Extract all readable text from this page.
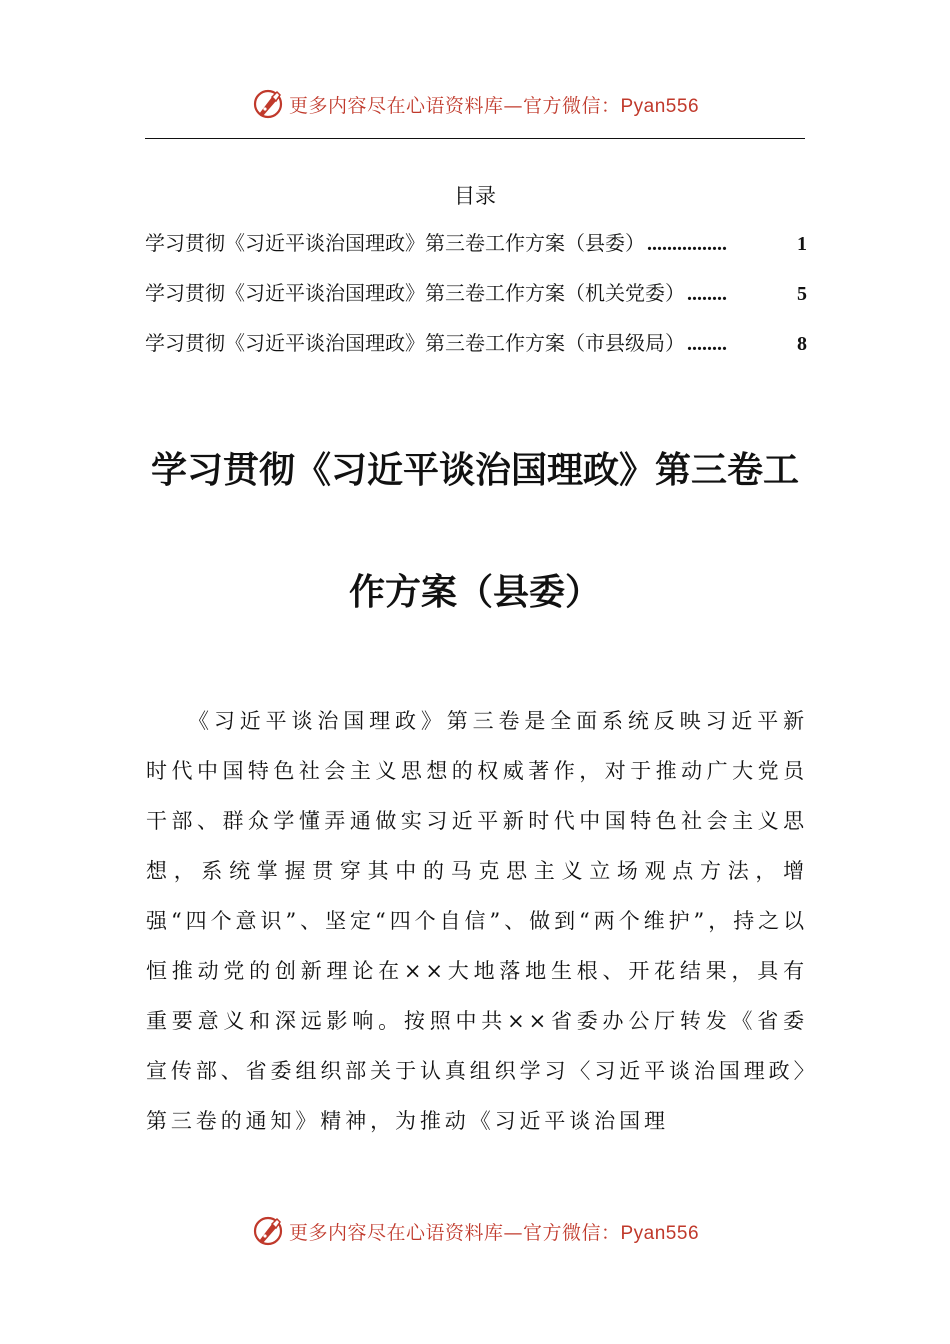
更多内容尽在心语资料库—官方微信：Pyan556
目录
学习贯彻《习近平谈治国理政》第三卷工作方案（县委） ................	1
学习贯彻《习近平谈治国理政》第三卷工作方案（机关党委） ........	5
学习贯彻《习近平谈治国理政》第三卷工作方案（市县级局） ........	8
学习贯彻《习近平谈治国理政》第三卷工
作方案（县委）
《习近平谈治国理政》第三卷是全面系统反映习近平新时代中国特色社会主义思想的权威著作，对于推动广大党员干部、群众学懂弄通做实习近平新时代中国特色社会主义思想，系统掌握贯穿其中的马克思主义立场观点方法，增强“四个意识”、坚定“四个自信”、做到“两个维护”，持之以恒推动党的创新理论在××大地落地生根、开花结果，具有重要意义和深远影响。按照中共××省委办公厅转发《省委宣传部、省委组织部关于认真组织学习〈习近平谈治国理政〉第三卷的通知》精神，为推动《习近平谈治国理
更多内容尽在心语资料库—官方微信：Pyan556
